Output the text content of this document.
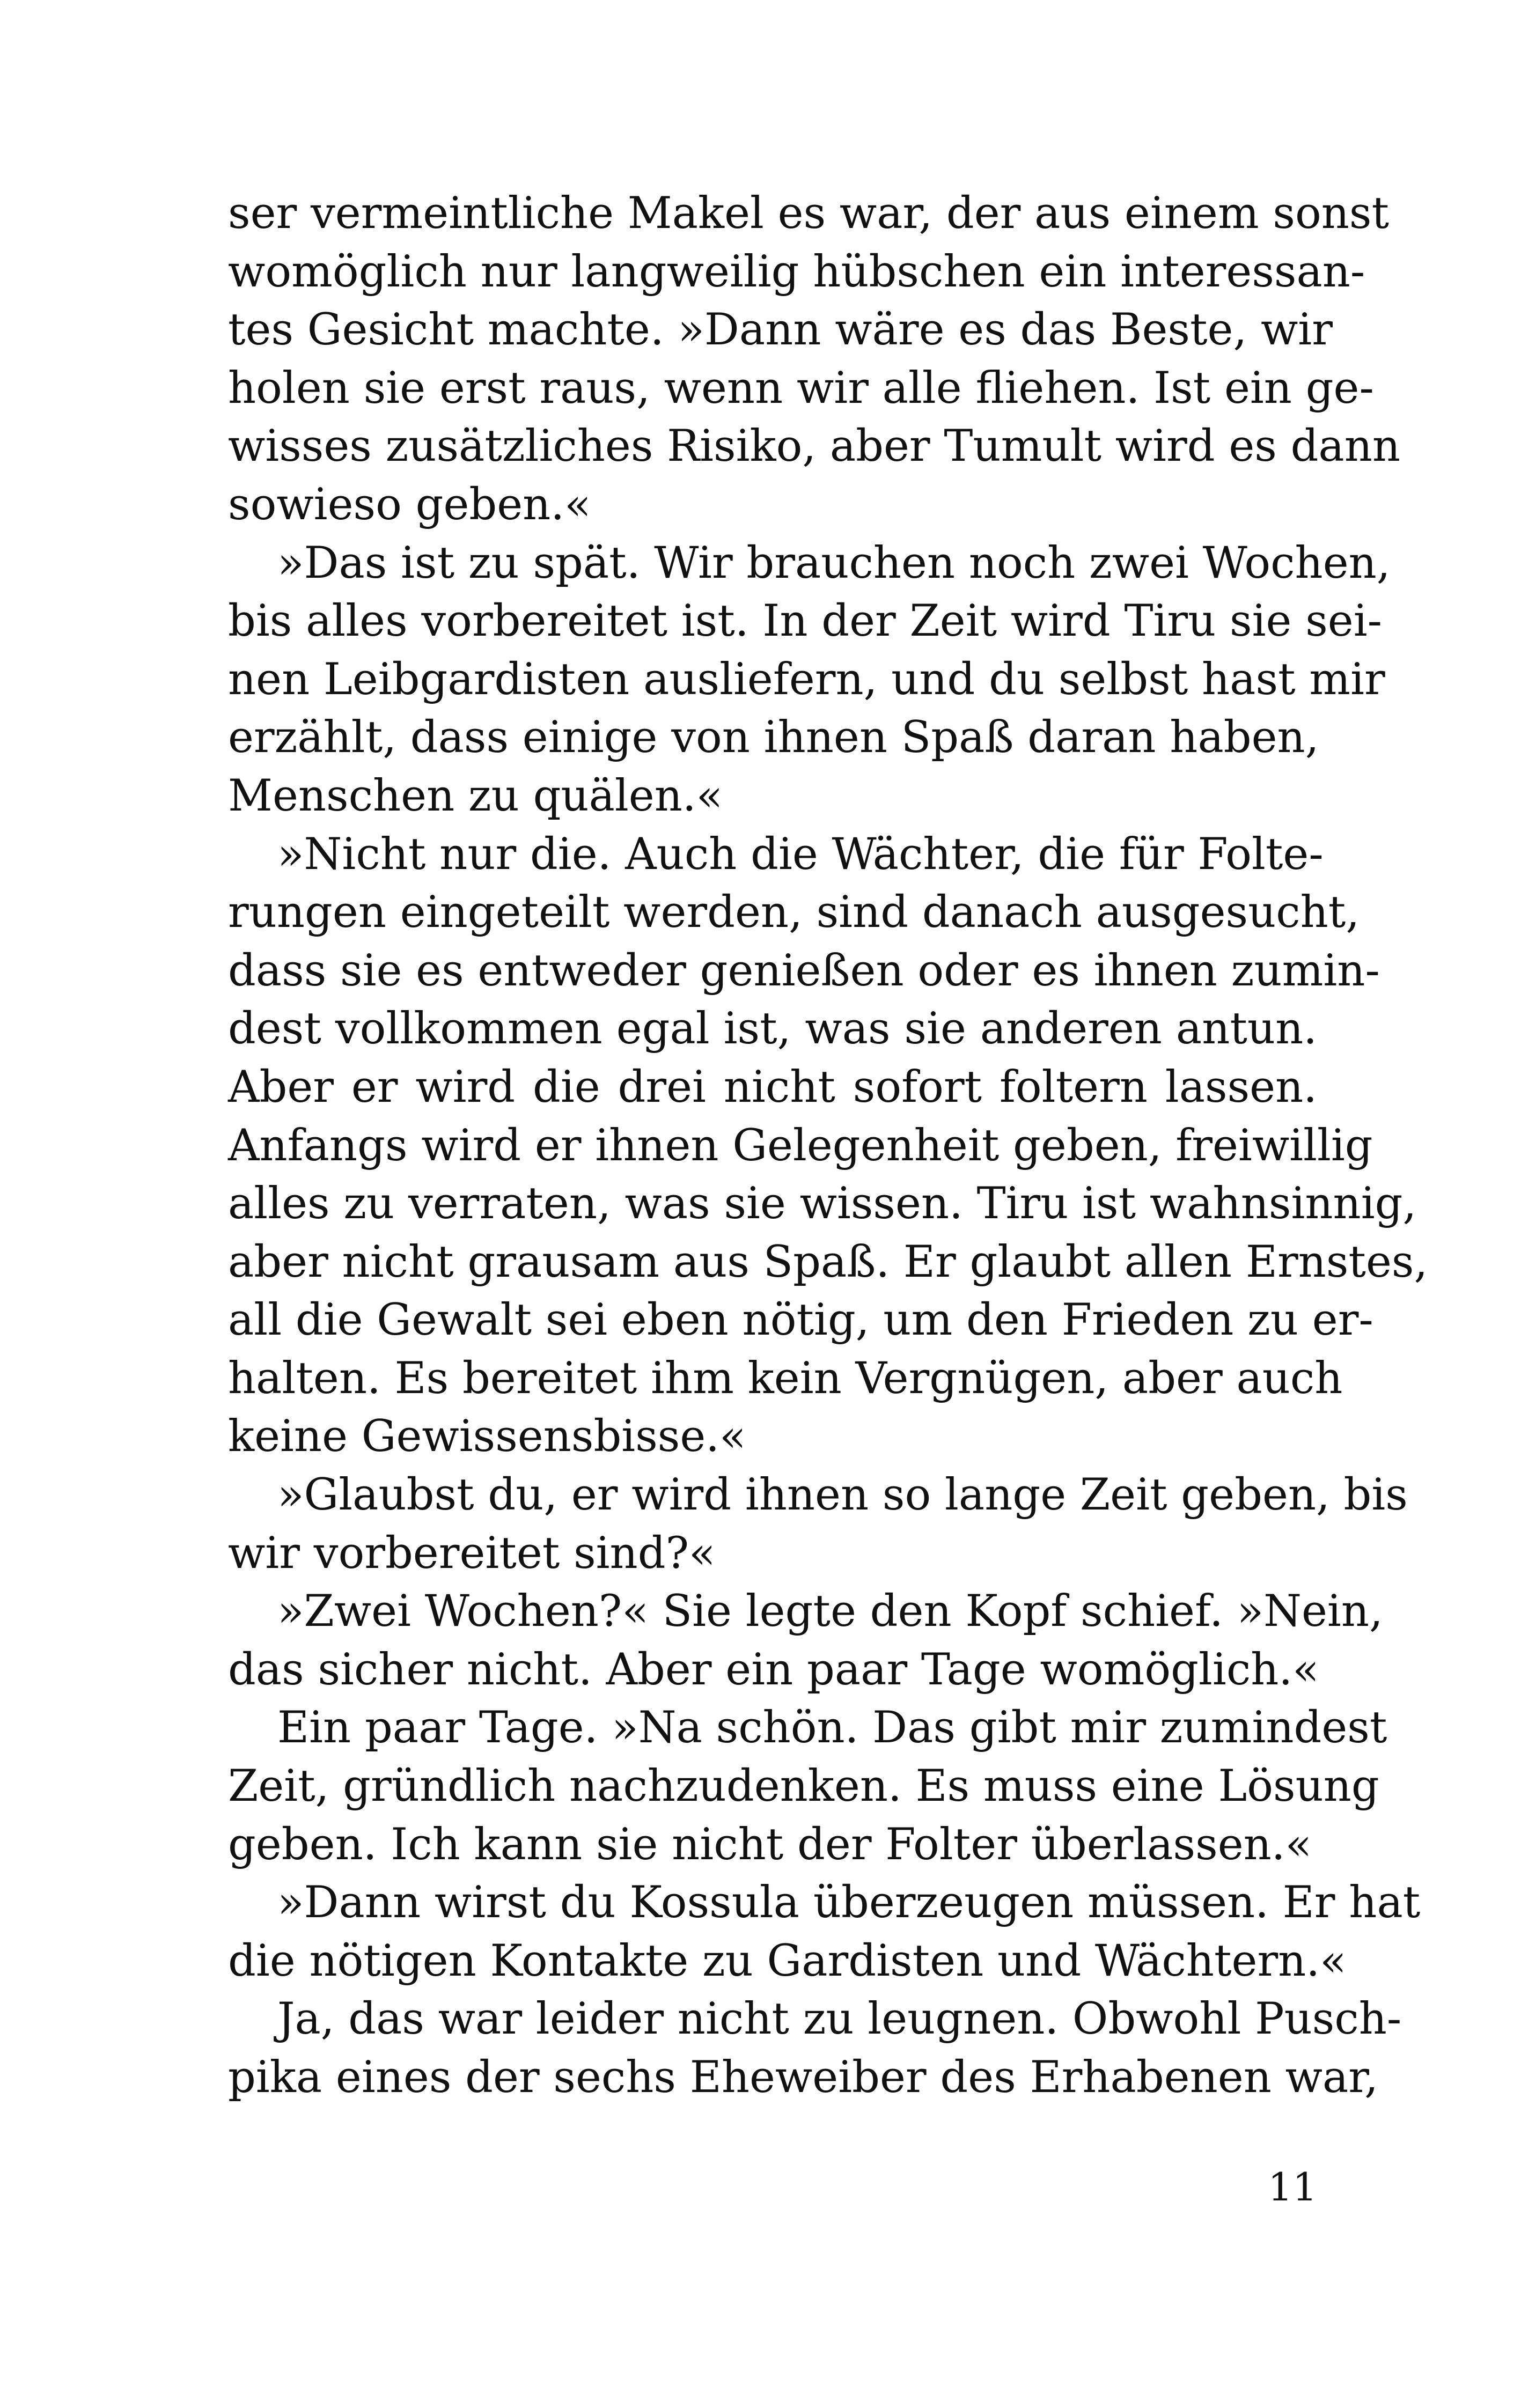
ser vermeintliche Makel es war, der aus einem sonst
womöglich nur langweilig hübschen ein interessan-
tes Gesicht machte. »Dann wäre es das Beste, wir
holen sie erst raus, wenn wir alle fliehen. Ist ein ge-
wisses zusätzliches Risiko, aber Tumult wird es dann
sowieso geben.«
»Das ist zu spät. Wir brauchen noch zwei Wochen,
bis alles vorbereitet ist. In der Zeit wird Tiru sie sei-
nen Leibgardisten ausliefern, und du selbst hast mir
erzählt, dass einige von ihnen Spaß daran haben,
Menschen zu quälen.«
»Nicht nur die. Auch die Wächter, die für Folte-
rungen eingeteilt werden, sind danach ausgesucht,
dass sie es entweder genießen oder es ihnen zumin-
dest vollkommen egal ist, was sie anderen antun.
Aber er wird die drei nicht sofort foltern lassen.
Anfangs wird er ihnen Gelegenheit geben, freiwillig
alles zu verraten, was sie wissen. Tiru ist wahnsinnig,
aber nicht grausam aus Spaß. Er glaubt allen Ernstes,
all die Gewalt sei eben nötig, um den Frieden zu er-
halten. Es bereitet ihm kein Vergnügen, aber auch
keine Gewissensbisse.«
»Glaubst du, er wird ihnen so lange Zeit geben, bis
wir vorbereitet sind?«
»Zwei Wochen?« Sie legte den Kopf schief. »Nein,
das sicher nicht. Aber ein paar Tage womöglich.«
Ein paar Tage. »Na schön. Das gibt mir zumindest
Zeit, gründlich nachzudenken. Es muss eine Lösung
geben. Ich kann sie nicht der Folter überlassen.«
»Dann wirst du Kossula überzeugen müssen. Er hat
die nötigen Kontakte zu Gardisten und Wächtern.«
Ja, das war leider nicht zu leugnen. Obwohl Pusch-
pika eines der sechs Eheweiber des Erhabenen war,
11
